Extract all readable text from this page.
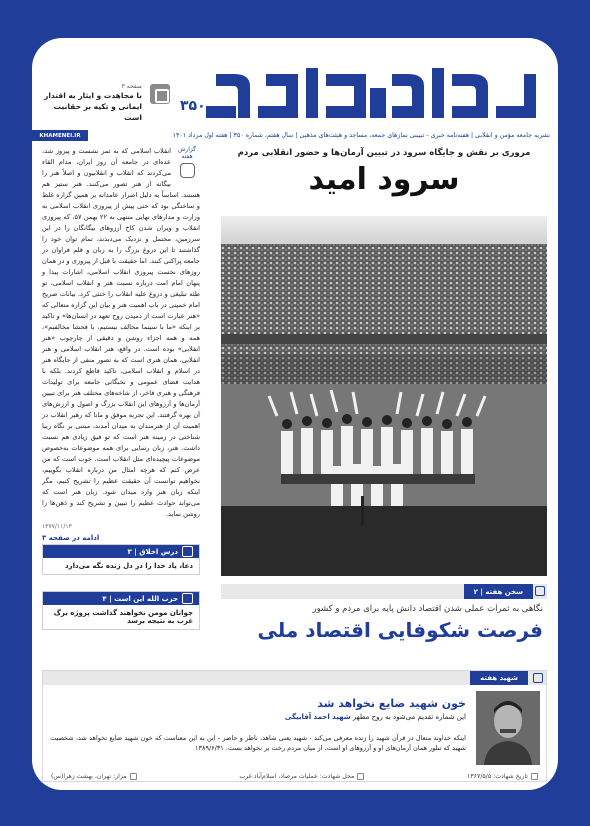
۳۵۰
صفحه ۳
با مجاهدت و ایثار به اقتدار ایمانی و تکیه بر حقانیت است
نشریه جامعه مؤمن و انقلابی | هفته‌نامه خبری - تبیینی نمازهای جمعه، مساجد و هیئت‌های مذهبی | سال هفتم، شماره ۳۵۰ | هفته اول مرداد ۱۴۰۱
KHAMENEI.IR
گزارش هفته
انقلاب اسلامی که به ثمر نشست و پیروز شد، عده‌ای در جامعه آن روز ایران، مدام القاء می‌کردند که انقلاب و انقلابیون و اصلاً هنر را بیگانه از هنر تصور می‌کنند. هنر ستیز هم هستند. اساساً به دلیل اصرار عامدانه بر همین گزاره غلط و ساختگی بود که حتی پیش از پیروزی انقلاب اسلامی به وزارت و مدارهای نهایی منتهی به ۲۲ بهمن ۵۷، که پیروزی انقلاب و ویران شدن کاخ آرزوهای بیگانگان را در این سرزمین، محتمل و نزدیک می‌دیدند، تمام توان خود را گذاشتند تا این دروغ بزرگ را به زبان و قلم فراوان در جامعه پراکنی کنند. اما حقیقت با قبل از پیروزی و در همان روزهای نخست پیروزی انقلاب اسلامی، اشارات پیدا و پنهان امام امت درباره نسبت هنر و انقلاب اسلامی، تو طئه تبلیغی و دروغ علیه انقلاب را خنثی کرد. بیانات صریح امام خمینی در باب اهمیت هنر و بیان این گزاره متعالی که «هنر عبارت است از دمیدن روح تعهد در انسان‌ها» و تاکید بر اینکه «ما با سینما مخالف نیستیم، با فحشا مخالفیم»، همه و همه اجزاء روشن و دقیقی از چارچوب «هنر انقلابی» بوده است. در واقع، هنر انقلاب اسلامی و هنر انقلابی، همان هنری است که به تصور منفی از جایگاه هنر در اسلام و انقلاب اسلامی، تاکید قاطع کردند. بلکه با هدایت فضای عمومی و نخبگانی جامعه برای تولیدات فرهنگی و هنری فاخر، از شاخه‌های مختلف هنر برای تبیین آرمان‌ها و آرزوهای این انقلاب بزرگ و اصول و ارزش‌های آن بهره گرفتند. این تجربه موفق و مانا که رهبر انقلاب در اهمیت آن از هنرمندان به میدان آمدند، مبتنی بر نگاه زیبا شناختی در زمینه هنر است که تو فیق زیادی هم نسبت داشت. هنر، زبان رسایی برای همه موضوعات به‌خصوص موضوعات پیچیده‌ای مثل انقلاب است. خوب است که من عرض کنم که هرچه امثال من درباره انقلاب بگوییم، نخواهیم توانست آن حقیقت عظیم را تشریح کنیم، مگر اینکه زبان هنر وارد میدان شود. زبان هنر است که می‌تواند حوادث عظیم را تبیین و تشریح کند و ذهن‌ها را روشن نماید.
۱۳۷۷/۱۱/۱۳
ادامه در صفحه ۳
درس اخلاق | ۳
دعا، یاد خدا را در دل زنده نگه می‌دارد
حزب الله این است | ۴
جوانان مومن نخواهند گذاشت پروژه برگ غرب به نتیجه برسد
مروری بر نقش و جایگاه سرود در تبیین آرمان‌ها و حضور انقلابی مردم
سرود امید
سخن هفته | ۲
نگاهی به ثمرات عملی شدن اقتصاد دانش پایه برای مردم و کشور
فرصت شکوفایی اقتصاد ملی
شهید هفته
خون شهید ضایع نخواهد شد
این شماره تقدیم می‌شود به روح مطهر شهید احمد آقابیگی
اینکه خداوند متعال در قرآن شهید را زنده معرفی می‌کند - شهید یعنی شاهد، ناظر و حاضر - این به این معناست که خون شهید ضایع نخواهد شد، شخصیت شهید که تبلور همان آرمان‌های او و آرزوهای او است، از میان مردم رخت بر نخواهد بست. ۱۳۸۹/۶/۳۱
تاریخ شهادت: ۱۳۶۷/۵/۵
محل شهادت: عملیات مرصاد، اسلام‌آباد غرب
مزار: تهران، بهشت زهرا(س)
